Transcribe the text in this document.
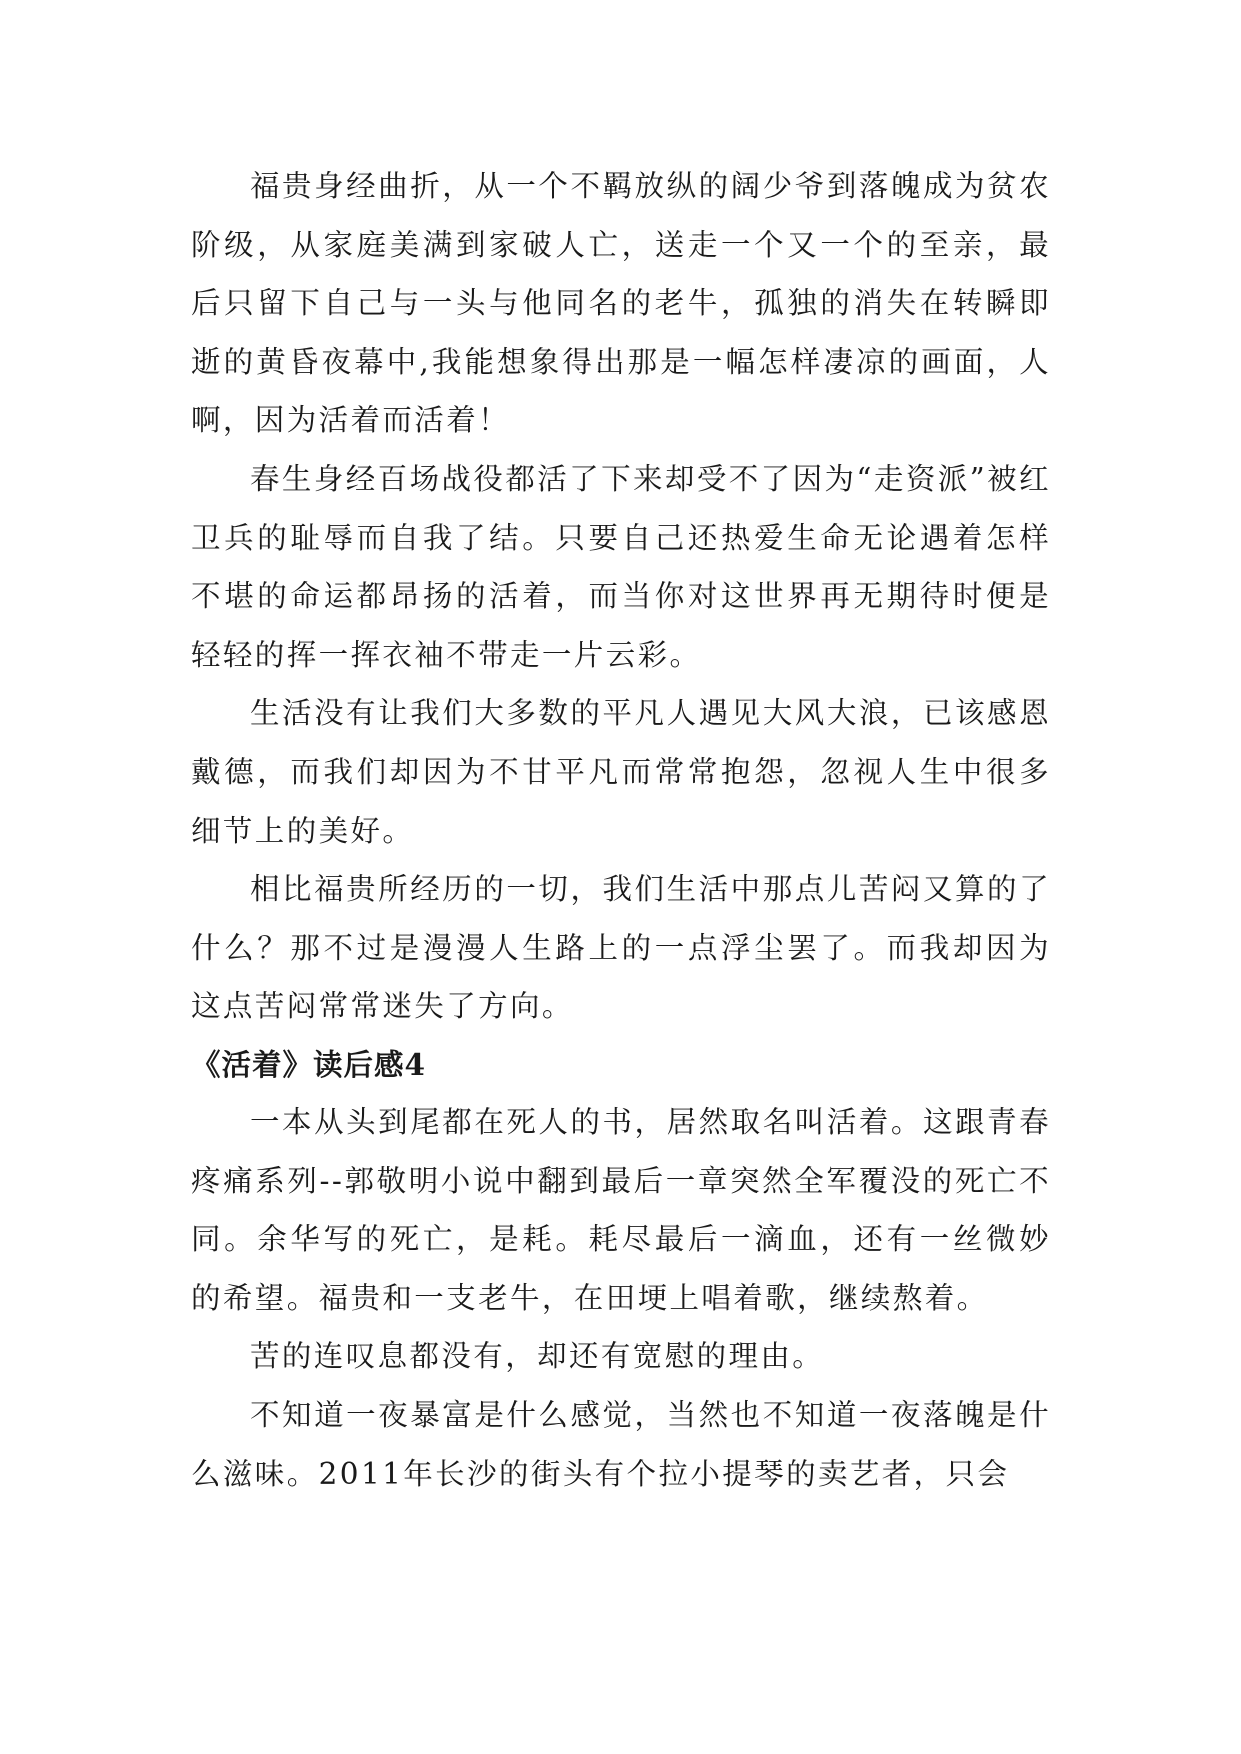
福贵身经曲折，从一个不羁放纵的阔少爷到落魄成为贫农阶级，从家庭美满到家破人亡，送走一个又一个的至亲，最后只留下自己与一头与他同名的老牛，孤独的消失在转瞬即逝的黄昏夜幕中,我能想象得出那是一幅怎样凄凉的画面，人啊，因为活着而活着！

春生身经百场战役都活了下来却受不了因为“走资派”被红卫兵的耻辱而自我了结。只要自己还热爱生命无论遇着怎样不堪的命运都昂扬的活着，而当你对这世界再无期待时便是轻轻的挥一挥衣袖不带走一片云彩。

生活没有让我们大多数的平凡人遇见大风大浪，已该感恩戴德，而我们却因为不甘平凡而常常抱怨，忽视人生中很多细节上的美好。

相比福贵所经历的一切，我们生活中那点儿苦闷又算的了什么？那不过是漫漫人生路上的一点浮尘罢了。而我却因为这点苦闷常常迷失了方向。

《活着》读后感4

一本从头到尾都在死人的书，居然取名叫活着。这跟青春疼痛系列--郭敬明小说中翻到最后一章突然全军覆没的死亡不同。余华写的死亡，是耗。耗尽最后一滴血，还有一丝微妙的希望。福贵和一支老牛，在田埂上唱着歌，继续熬着。

苦的连叹息都没有，却还有宽慰的理由。

不知道一夜暴富是什么感觉，当然也不知道一夜落魄是什么滋味。2011年长沙的街头有个拉小提琴的卖艺者，只会
